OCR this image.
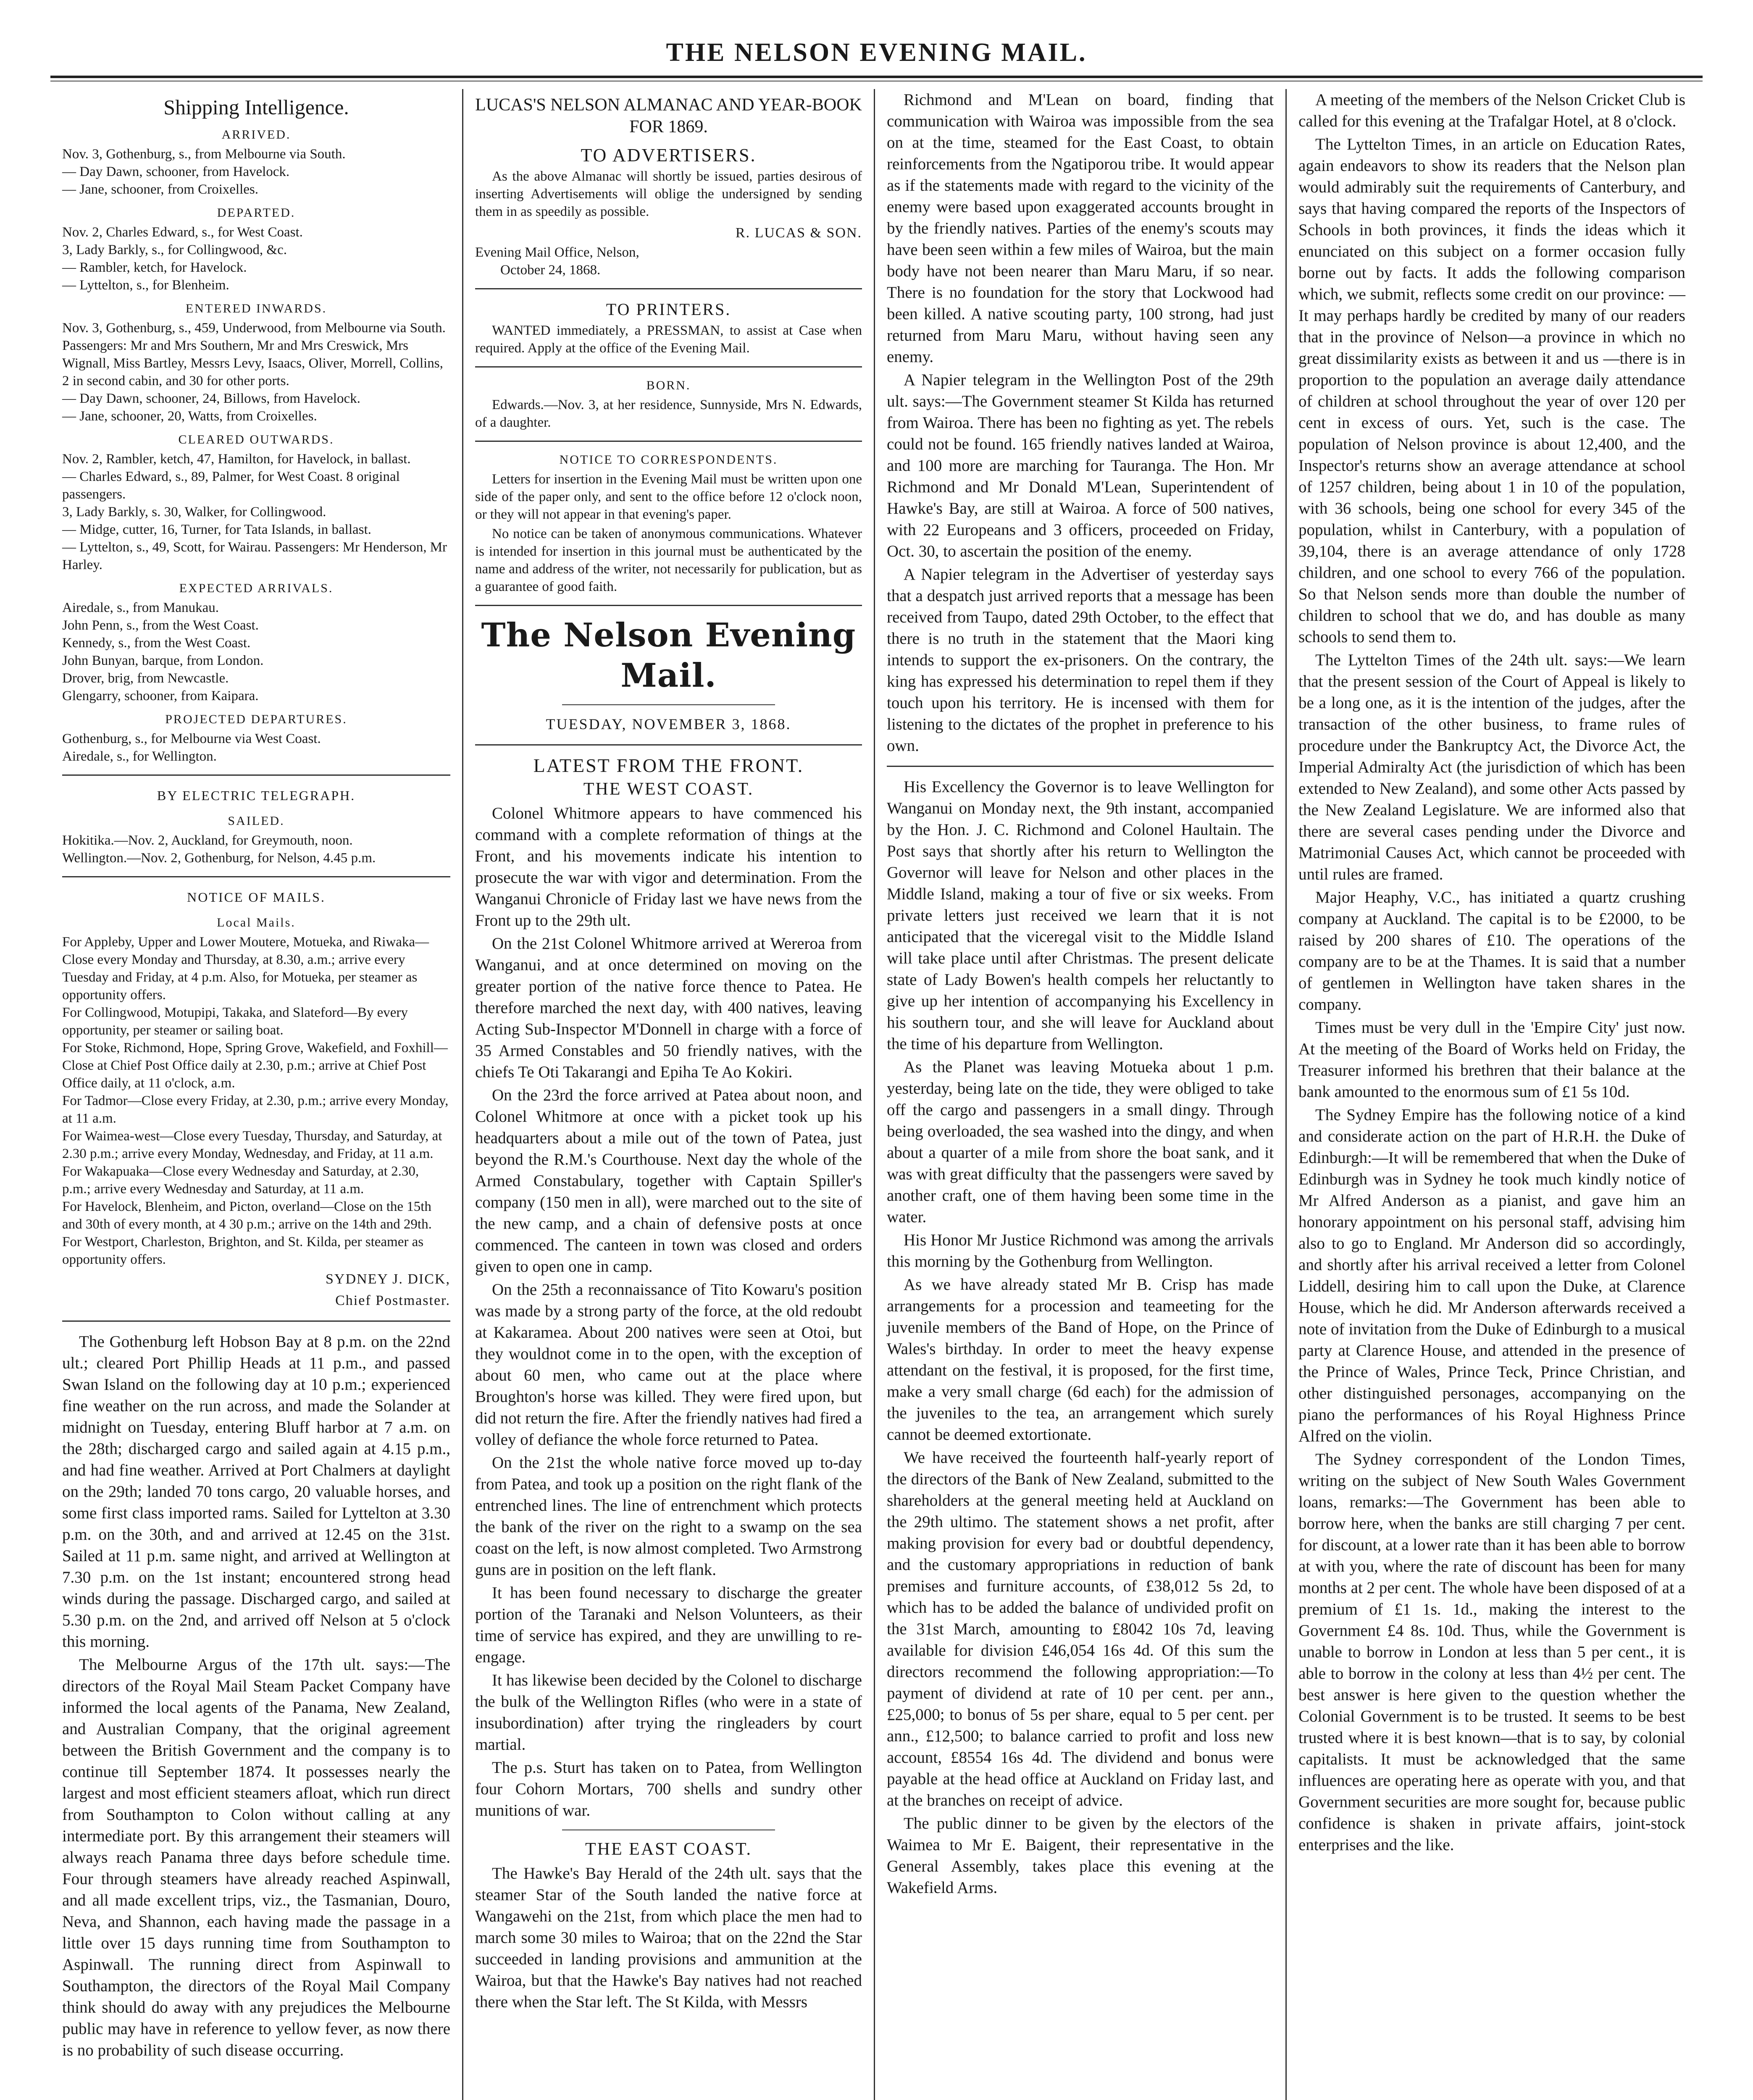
THE NELSON EVENING MAIL.
Shipping Intelligence.
ARRIVED.
Nov. 3, Gothenburg, s., from Melbourne via South.
— Day Dawn, schooner, from Havelock.
— Jane, schooner, from Croixelles.
DEPARTED.
Nov. 2, Charles Edward, s., for West Coast.
3, Lady Barkly, s., for Collingwood, &c.
— Rambler, ketch, for Havelock.
— Lyttelton, s., for Blenheim.
ENTERED INWARDS.
Nov. 3, Gothenburg, s., 459, Underwood, from Melbourne via South. Passengers: Mr and Mrs Southern, Mr and Mrs Creswick, Mrs Wignall, Miss Bartley, Messrs Levy, Isaacs, Oliver, Morrell, Collins, 2 in second cabin, and 30 for other ports.
— Day Dawn, schooner, 24, Billows, from Havelock.
— Jane, schooner, 20, Watts, from Croixelles.
CLEARED OUTWARDS.
Nov. 2, Rambler, ketch, 47, Hamilton, for Havelock, in ballast.
— Charles Edward, s., 89, Palmer, for West Coast. 8 original passengers.
3, Lady Barkly, s. 30, Walker, for Collingwood.
— Midge, cutter, 16, Turner, for Tata Islands, in ballast.
— Lyttelton, s., 49, Scott, for Wairau. Passengers: Mr Henderson, Mr Harley.
EXPECTED ARRIVALS.
Airedale, s., from Manukau.
John Penn, s., from the West Coast.
Kennedy, s., from the West Coast.
John Bunyan, barque, from London.
Drover, brig, from Newcastle.
Glengarry, schooner, from Kaipara.
PROJECTED DEPARTURES.
Gothenburg, s., for Melbourne via West Coast.
Airedale, s., for Wellington.
BY ELECTRIC TELEGRAPH.
SAILED.
Hokitika.—Nov. 2, Auckland, for Greymouth, noon.
Wellington.—Nov. 2, Gothenburg, for Nelson, 4.45 p.m.
NOTICE OF MAILS.
Local Mails.
For Appleby, Upper and Lower Moutere, Motueka, and Riwaka—Close every Monday and Thursday, at 8.30, a.m.; arrive every Tuesday and Friday, at 4 p.m. Also, for Motueka, per steamer as opportunity offers.
For Collingwood, Motupipi, Takaka, and Slateford—By every opportunity, per steamer or sailing boat.
For Stoke, Richmond, Hope, Spring Grove, Wakefield, and Foxhill—Close at Chief Post Office daily at 2.30, p.m.; arrive at Chief Post Office daily, at 11 o'clock, a.m.
For Tadmor—Close every Friday, at 2.30, p.m.; arrive every Monday, at 11 a.m.
For Waimea-west—Close every Tuesday, Thursday, and Saturday, at 2.30 p.m.; arrive every Monday, Wednesday, and Friday, at 11 a.m.
For Wakapuaka—Close every Wednesday and Saturday, at 2.30, p.m.; arrive every Wednesday and Saturday, at 11 a.m.
For Havelock, Blenheim, and Picton, overland—Close on the 15th and 30th of every month, at 4 30 p.m.; arrive on the 14th and 29th.
For Westport, Charleston, Brighton, and St. Kilda, per steamer as opportunity offers.
SYDNEY J. DICK,
Chief Postmaster.
The Gothenburg left Hobson Bay at 8 p.m. on the 22nd ult.; cleared Port Phillip Heads at 11 p.m., and passed Swan Island on the following day at 10 p.m.; experienced fine weather on the run across, and made the Solander at midnight on Tuesday, entering Bluff harbor at 7 a.m. on the 28th; discharged cargo and sailed again at 4.15 p.m., and had fine weather. Arrived at Port Chalmers at daylight on the 29th; landed 70 tons cargo, 20 valuable horses, and some first class imported rams. Sailed for Lyttelton at 3.30 p.m. on the 30th, and and arrived at 12.45 on the 31st. Sailed at 11 p.m. same night, and arrived at Wellington at 7.30 p.m. on the 1st instant; encountered strong head winds during the passage. Discharged cargo, and sailed at 5.30 p.m. on the 2nd, and arrived off Nelson at 5 o'clock this morning.
The Melbourne Argus of the 17th ult. says:—The directors of the Royal Mail Steam Packet Company have informed the local agents of the Panama, New Zealand, and Australian Company, that the original agreement between the British Government and the company is to continue till September 1874. It possesses nearly the largest and most efficient steamers afloat, which run direct from Southampton to Colon without calling at any intermediate port. By this arrangement their steamers will always reach Panama three days before schedule time. Four through steamers have already reached Aspinwall, and all made excellent trips, viz., the Tasmanian, Douro, Neva, and Shannon, each having made the passage in a little over 15 days running time from Southampton to Aspinwall. The running direct from Aspinwall to Southampton, the directors of the Royal Mail Company think should do away with any prejudices the Melbourne public may have in reference to yellow fever, as now there is no probability of such disease occurring.
LUCAS'S NELSON ALMANAC AND YEAR-BOOK FOR 1869.
TO ADVERTISERS.
As the above Almanac will shortly be issued, parties desirous of inserting Advertisements will oblige the undersigned by sending them in as speedily as possible.
R. LUCAS & SON.
Evening Mail Office, Nelson,
October 24, 1868.
TO PRINTERS.
WANTED immediately, a PRESSMAN, to assist at Case when required. Apply at the office of the Evening Mail.
BORN.
Edwards.—Nov. 3, at her residence, Sunnyside, Mrs N. Edwards, of a daughter.
NOTICE TO CORRESPONDENTS.
Letters for insertion in the Evening Mail must be written upon one side of the paper only, and sent to the office before 12 o'clock noon, or they will not appear in that evening's paper.
No notice can be taken of anonymous communications. Whatever is intended for insertion in this journal must be authenticated by the name and address of the writer, not necessarily for publication, but as a guarantee of good faith.
The Nelson Evening Mail.
TUESDAY, NOVEMBER 3, 1868.
LATEST FROM THE FRONT.
THE WEST COAST.
Colonel Whitmore appears to have commenced his command with a complete reformation of things at the Front, and his movements indicate his intention to prosecute the war with vigor and determination. From the Wanganui Chronicle of Friday last we have news from the Front up to the 29th ult.
On the 21st Colonel Whitmore arrived at Wereroa from Wanganui, and at once determined on moving on the greater portion of the native force thence to Patea. He therefore marched the next day, with 400 natives, leaving Acting Sub-Inspector M'Donnell in charge with a force of 35 Armed Constables and 50 friendly natives, with the chiefs Te Oti Takarangi and Epiha Te Ao Kokiri.
On the 23rd the force arrived at Patea about noon, and Colonel Whitmore at once with a picket took up his headquarters about a mile out of the town of Patea, just beyond the R.M.'s Courthouse. Next day the whole of the Armed Constabulary, together with Captain Spiller's company (150 men in all), were marched out to the site of the new camp, and a chain of defensive posts at once commenced. The canteen in town was closed and orders given to open one in camp.
On the 25th a reconnaissance of Tito Kowaru's position was made by a strong party of the force, at the old redoubt at Kakaramea. About 200 natives were seen at Otoi, but they wouldnot come in to the open, with the exception of about 60 men, who came out at the place where Broughton's horse was killed. They were fired upon, but did not return the fire. After the friendly natives had fired a volley of defiance the whole force returned to Patea.
On the 21st the whole native force moved up to-day from Patea, and took up a position on the right flank of the entrenched lines. The line of entrenchment which protects the bank of the river on the right to a swamp on the sea coast on the left, is now almost completed. Two Armstrong guns are in position on the left flank.
It has been found necessary to discharge the greater portion of the Taranaki and Nelson Volunteers, as their time of service has expired, and they are unwilling to re-engage.
It has likewise been decided by the Colonel to discharge the bulk of the Wellington Rifles (who were in a state of insubordination) after trying the ringleaders by court martial.
The p.s. Sturt has taken on to Patea, from Wellington four Cohorn Mortars, 700 shells and sundry other munitions of war.
THE EAST COAST.
The Hawke's Bay Herald of the 24th ult. says that the steamer Star of the South landed the native force at Wangawehi on the 21st, from which place the men had to march some 30 miles to Wairoa; that on the 22nd the Star succeeded in landing provisions and ammunition at the Wairoa, but that the Hawke's Bay natives had not reached there when the Star left. The St Kilda, with Messrs
Richmond and M'Lean on board, finding that communication with Wairoa was impossible from the sea on at the time, steamed for the East Coast, to obtain reinforcements from the Ngatiporou tribe. It would appear as if the statements made with regard to the vicinity of the enemy were based upon exaggerated accounts brought in by the friendly natives. Parties of the enemy's scouts may have been seen within a few miles of Wairoa, but the main body have not been nearer than Maru Maru, if so near. There is no foundation for the story that Lockwood had been killed. A native scouting party, 100 strong, had just returned from Maru Maru, without having seen any enemy.
A Napier telegram in the Wellington Post of the 29th ult. says:—The Government steamer St Kilda has returned from Wairoa. There has been no fighting as yet. The rebels could not be found. 165 friendly natives landed at Wairoa, and 100 more are marching for Tauranga. The Hon. Mr Richmond and Mr Donald M'Lean, Superintendent of Hawke's Bay, are still at Wairoa. A force of 500 natives, with 22 Europeans and 3 officers, proceeded on Friday, Oct. 30, to ascertain the position of the enemy.
A Napier telegram in the Advertiser of yesterday says that a despatch just arrived reports that a message has been received from Taupo, dated 29th October, to the effect that there is no truth in the statement that the Maori king intends to support the ex-prisoners. On the contrary, the king has expressed his determination to repel them if they touch upon his territory. He is incensed with them for listening to the dictates of the prophet in preference to his own.
His Excellency the Governor is to leave Wellington for Wanganui on Monday next, the 9th instant, accompanied by the Hon. J. C. Richmond and Colonel Haultain. The Post says that shortly after his return to Wellington the Governor will leave for Nelson and other places in the Middle Island, making a tour of five or six weeks. From private letters just received we learn that it is not anticipated that the viceregal visit to the Middle Island will take place until after Christmas. The present delicate state of Lady Bowen's health compels her reluctantly to give up her intention of accompanying his Excellency in his southern tour, and she will leave for Auckland about the time of his departure from Wellington.
As the Planet was leaving Motueka about 1 p.m. yesterday, being late on the tide, they were obliged to take off the cargo and passengers in a small dingy. Through being overloaded, the sea washed into the dingy, and when about a quarter of a mile from shore the boat sank, and it was with great difficulty that the passengers were saved by another craft, one of them having been some time in the water.
His Honor Mr Justice Richmond was among the arrivals this morning by the Gothenburg from Wellington.
As we have already stated Mr B. Crisp has made arrangements for a procession and teameeting for the juvenile members of the Band of Hope, on the Prince of Wales's birthday. In order to meet the heavy expense attendant on the festival, it is proposed, for the first time, make a very small charge (6d each) for the admission of the juveniles to the tea, an arrangement which surely cannot be deemed extortionate.
We have received the fourteenth half-yearly report of the directors of the Bank of New Zealand, submitted to the shareholders at the general meeting held at Auckland on the 29th ultimo. The statement shows a net profit, after making provision for every bad or doubtful dependency, and the customary appropriations in reduction of bank premises and furniture accounts, of £38,012 5s 2d, to which has to be added the balance of undivided profit on the 31st March, amounting to £8042 10s 7d, leaving available for division £46,054 16s 4d. Of this sum the directors recommend the following appropriation:—To payment of dividend at rate of 10 per cent. per ann., £25,000; to bonus of 5s per share, equal to 5 per cent. per ann., £12,500; to balance carried to profit and loss new account, £8554 16s 4d. The dividend and bonus were payable at the head office at Auckland on Friday last, and at the branches on receipt of advice.
The public dinner to be given by the electors of the Waimea to Mr E. Baigent, their representative in the General Assembly, takes place this evening at the Wakefield Arms.
A meeting of the members of the Nelson Cricket Club is called for this evening at the Trafalgar Hotel, at 8 o'clock.
The Lyttelton Times, in an article on Education Rates, again endeavors to show its readers that the Nelson plan would admirably suit the requirements of Canterbury, and says that having compared the reports of the Inspectors of Schools in both provinces, it finds the ideas which it enunciated on this subject on a former occasion fully borne out by facts. It adds the following comparison which, we submit, reflects some credit on our province: —It may perhaps hardly be credited by many of our readers that in the province of Nelson—a province in which no great dissimilarity exists as between it and us —there is in proportion to the population an average daily attendance of children at school throughout the year of over 120 per cent in excess of ours. Yet, such is the case. The population of Nelson province is about 12,400, and the Inspector's returns show an average attendance at school of 1257 children, being about 1 in 10 of the population, with 36 schools, being one school for every 345 of the population, whilst in Canterbury, with a population of 39,104, there is an average attendance of only 1728 children, and one school to every 766 of the population. So that Nelson sends more than double the number of children to school that we do, and has double as many schools to send them to.
The Lyttelton Times of the 24th ult. says:—We learn that the present session of the Court of Appeal is likely to be a long one, as it is the intention of the judges, after the transaction of the other business, to frame rules of procedure under the Bankruptcy Act, the Divorce Act, the Imperial Admiralty Act (the jurisdiction of which has been extended to New Zealand), and some other Acts passed by the New Zealand Legislature. We are informed also that there are several cases pending under the Divorce and Matrimonial Causes Act, which cannot be proceeded with until rules are framed.
Major Heaphy, V.C., has initiated a quartz crushing company at Auckland. The capital is to be £2000, to be raised by 200 shares of £10. The operations of the company are to be at the Thames. It is said that a number of gentlemen in Wellington have taken shares in the company.
Times must be very dull in the 'Empire City' just now. At the meeting of the Board of Works held on Friday, the Treasurer informed his brethren that their balance at the bank amounted to the enormous sum of £1 5s 10d.
The Sydney Empire has the following notice of a kind and considerate action on the part of H.R.H. the Duke of Edinburgh:—It will be remembered that when the Duke of Edinburgh was in Sydney he took much kindly notice of Mr Alfred Anderson as a pianist, and gave him an honorary appointment on his personal staff, advising him also to go to England. Mr Anderson did so accordingly, and shortly after his arrival received a letter from Colonel Liddell, desiring him to call upon the Duke, at Clarence House, which he did. Mr Anderson afterwards received a note of invitation from the Duke of Edinburgh to a musical party at Clarence House, and attended in the presence of the Prince of Wales, Prince Teck, Prince Christian, and other distinguished personages, accompanying on the piano the performances of his Royal Highness Prince Alfred on the violin.
The Sydney correspondent of the London Times, writing on the subject of New South Wales Government loans, remarks:—The Government has been able to borrow here, when the banks are still charging 7 per cent. for discount, at a lower rate than it has been able to borrow at with you, where the rate of discount has been for many months at 2 per cent. The whole have been disposed of at a premium of £1 1s. 1d., making the interest to the Government £4 8s. 10d. Thus, while the Government is unable to borrow in London at less than 5 per cent., it is able to borrow in the colony at less than 4½ per cent. The best answer is here given to the question whether the Colonial Government is to be trusted. It seems to be best trusted where it is best known—that is to say, by colonial capitalists. It must be acknowledged that the same influences are operating here as operate with you, and that Government securities are more sought for, because public confidence is shaken in private affairs, joint-stock enterprises and the like.
